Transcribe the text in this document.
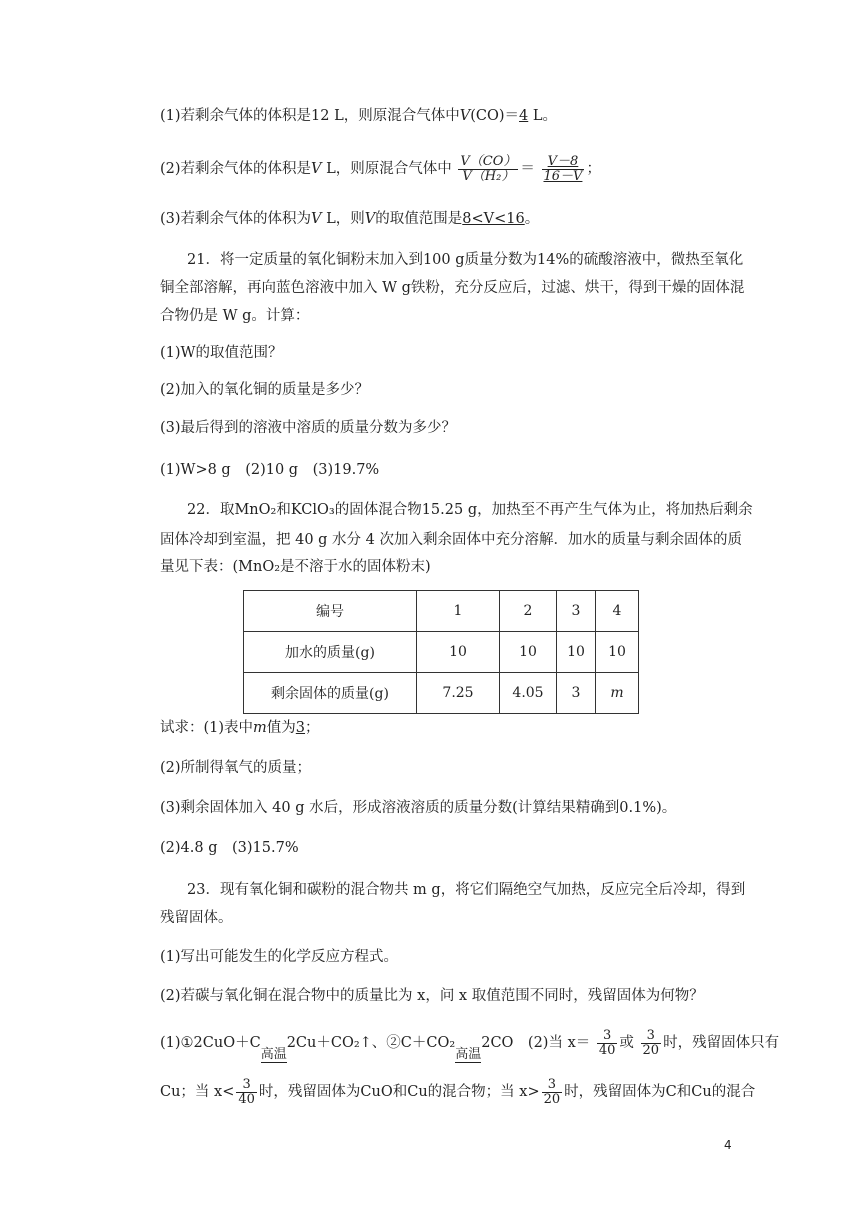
(1)若剩余气体的体积是12 L，则原混合气体中V(CO)＝4 L。
(2)若剩余气体的体积是V L，则原混合气体中 $\frac{V(CO)}{\text{V（H₂）}} = \frac{V-8}{16-V}$ ；
(3)若剩余气体的体积为V L，则V的取值范围是8<V<16。
21．将一定质量的氧化铜粉末加入到100 g质量分数为14%的硫酸溶液中，微热至氧化
铜全部溶解，再向蓝色溶液中加入 W g铁粉，充分反应后，过滤、烘干，得到干燥的固体混
合物仍是 W g。计算：
(1)W的取值范围？
(2)加入的氧化铜的质量是多少？
(3)最后得到的溶液中溶质的质量分数为多少？
(1)W>8 g　(2)10 g　(3)19.7%
22．取MnO₂和KClO₃的固体混合物15.25 g，加热至不再产生气体为止，将加热后剩余
固体冷却到室温，把 40 g 水分 4 次加入剩余固体中充分溶解．加水的质量与剩余固体的质
量见下表：(MnO₂是不溶于水的固体粉末)
编号	1	2	3	4
加水的质量(g)	10	10	10	10
剩余固体的质量(g)	7.25	4.05	3	m
试求：(1)表中m值为3；
(2)所制得氧气的质量；
(3)剩余固体加入 40 g 水后，形成溶液溶质的质量分数(计算结果精确到0.1%)。
(2)4.8 g　(3)15.7%
23．现有氧化铜和碳粉的混合物共 m g，将它们隔绝空气加热，反应完全后冷却，得到
残留固体。
(1)写出可能发生的化学反应方程式。
(2)若碳与氧化铜在混合物中的质量比为 x，问 x 取值范围不同时，残留固体为何物？
(1)①2CuO＋C
高温
2Cu＋CO₂↑、②C＋CO₂
高温
2CO　(2)当 $x= \frac{3}{40}$ 或 $\frac{3}{20}$ 时，残留固体只有
Cu；当 $x< \frac{3}{40}$ 时，残留固体为CuO和Cu的混合物；当 $x> \frac{3}{20}$ 时，残留固体为C和Cu的混合
4
